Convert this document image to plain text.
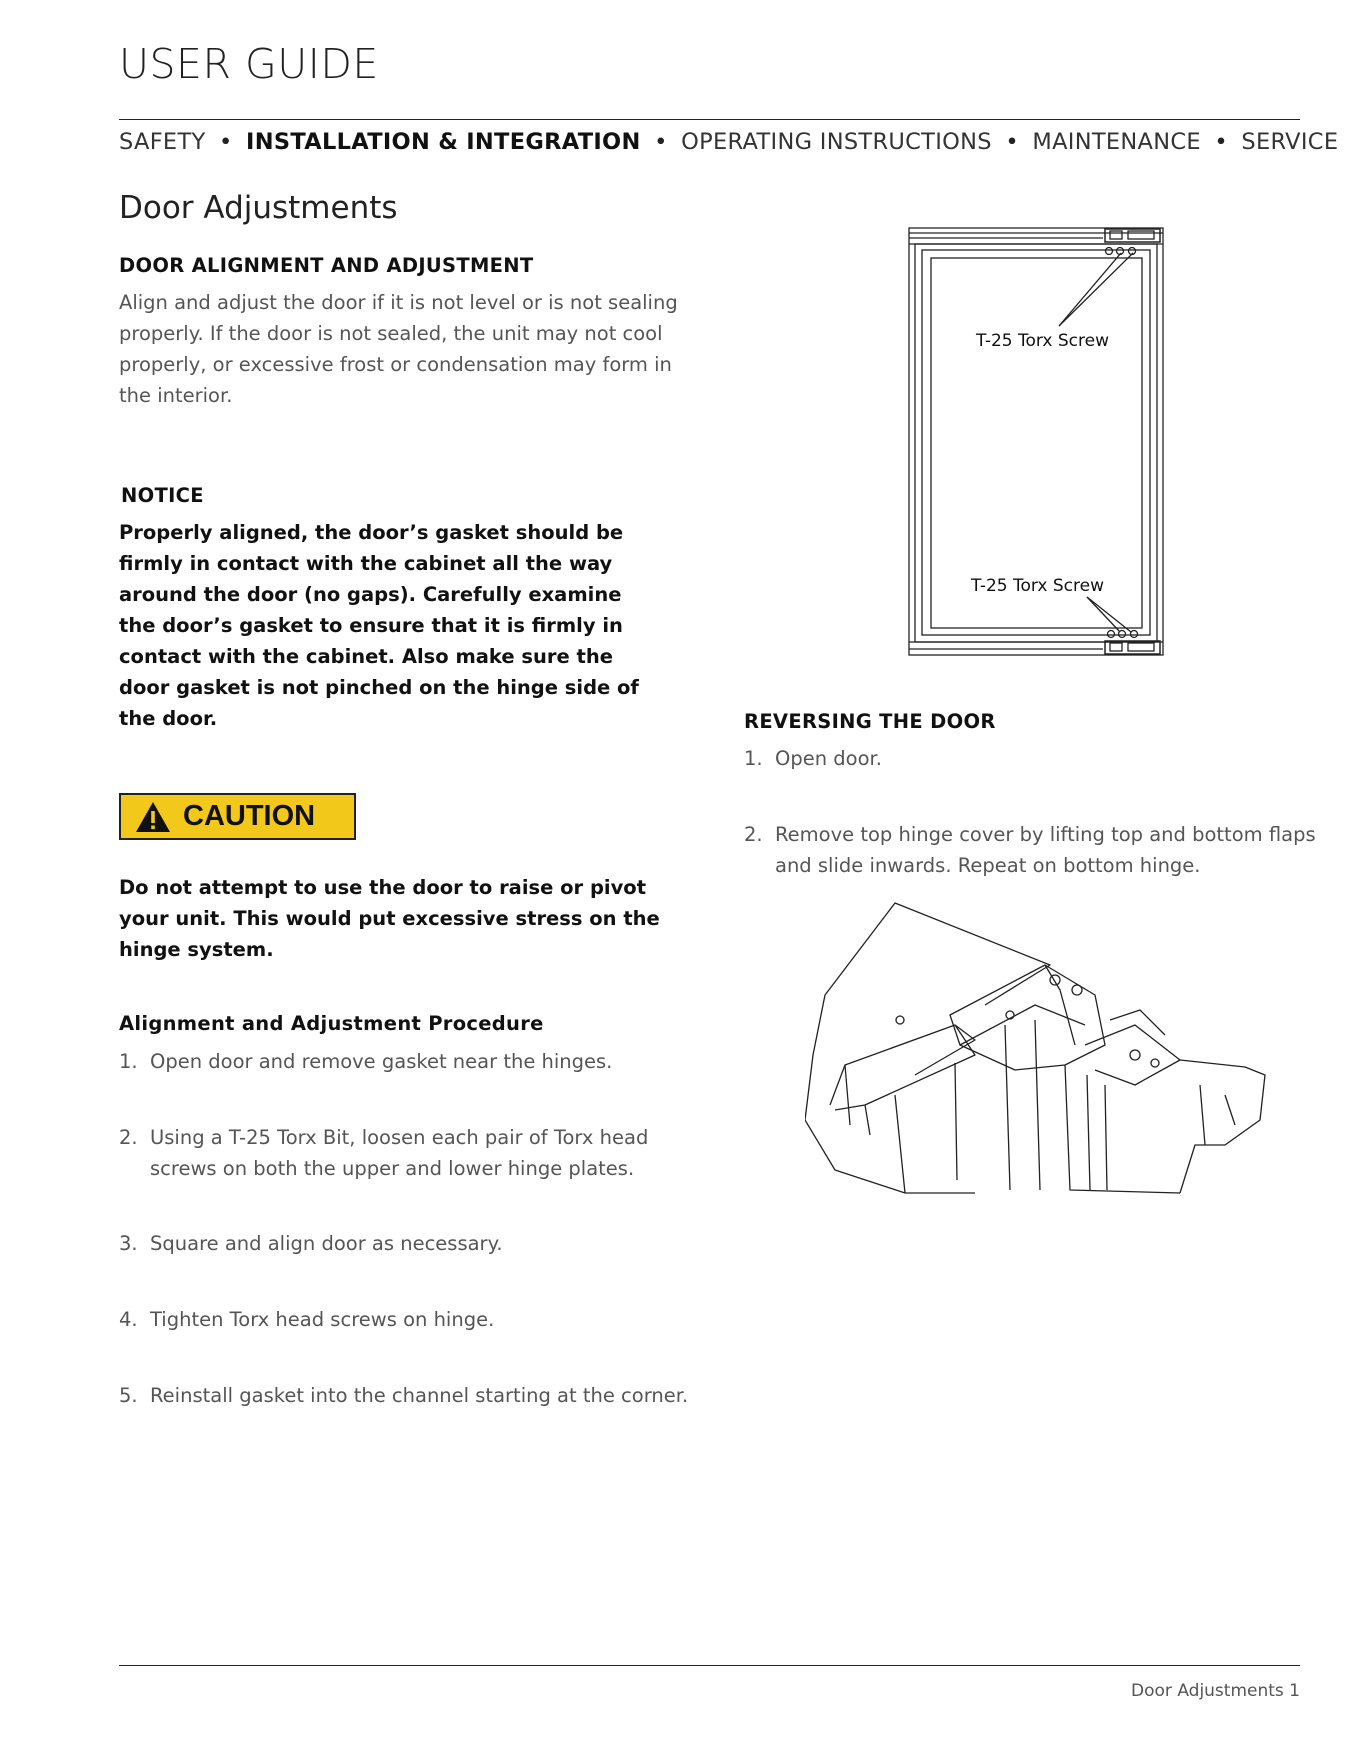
USER GUIDE
SAFETY • INSTALLATION & INTEGRATION • OPERATING INSTRUCTIONS • MAINTENANCE • SERVICE
Door Adjustments
DOOR ALIGNMENT AND ADJUSTMENT
Align and adjust the door if it is not level or is not sealing
properly. If the door is not sealed, the unit may not cool
properly, or excessive frost or condensation may form in
the interior.
NOTICE
Properly aligned, the door’s gasket should be
firmly in contact with the cabinet all the way
around the door (no gaps). Carefully examine
the door’s gasket to ensure that it is firmly in
contact with the cabinet. Also make sure the
door gasket is not pinched on the hinge side of
the door.
CAUTION
Do not attempt to use the door to raise or pivot
your unit. This would put excessive stress on the
hinge system.
Alignment and Adjustment Procedure
1. Open door and remove gasket near the hinges.
2. Using a T-25 Torx Bit, loosen each pair of Torx head
screws on both the upper and lower hinge plates.
3. Square and align door as necessary.
4. Tighten Torx head screws on hinge.
5. Reinstall gasket into the channel starting at the corner.
T-25 Torx Screw
T-25 Torx Screw
REVERSING THE DOOR
1. Open door.
2. Remove top hinge cover by lifting top and bottom flaps
and slide inwards. Repeat on bottom hinge.
Door Adjustments 1
